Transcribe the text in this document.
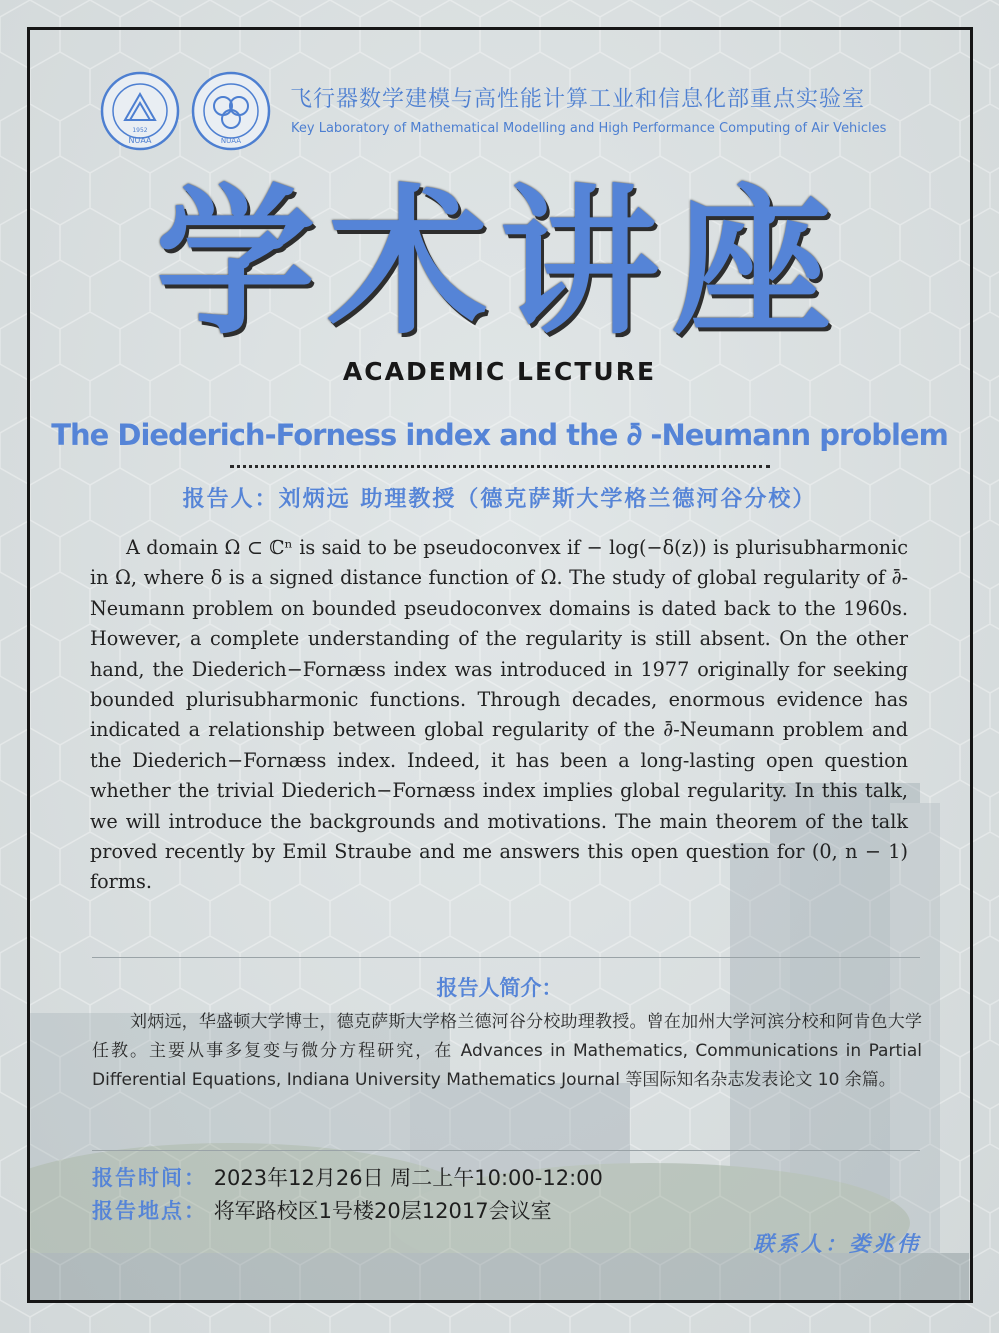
NUAA
1952
NUAA
飞行器数学建模与高性能计算工业和信息化部重点实验室
Key Laboratory of Mathematical Modelling and High Performance Computing of Air Vehicles
学术讲座
ACADEMIC LECTURE
The Diederich-Forness index and the ∂̄ -Neumann problem
报告人：刘炳远 助理教授（德克萨斯大学格兰德河谷分校）
A domain Ω ⊂ ℂⁿ is said to be pseudoconvex if − log(−δ(z)) is plurisubharmonic in Ω, where δ is a signed distance function of Ω. The study of global regularity of ∂̄-Neumann problem on bounded pseudoconvex domains is dated back to the 1960s. However, a complete understanding of the regularity is still absent. On the other hand, the Diederich−Fornæss index was introduced in 1977 originally for seeking bounded plurisubharmonic functions. Through decades, enormous evidence has indicated a relationship between global regularity of the ∂̄-Neumann problem and the Diederich−Fornæss index. Indeed, it has been a long-lasting open question whether the trivial Diederich−Fornæss index implies global regularity. In this talk, we will introduce the backgrounds and motivations. The main theorem of the talk proved recently by Emil Straube and me answers this open question for (0, n − 1) forms.
报告人简介：
刘炳远，华盛顿大学博士，德克萨斯大学格兰德河谷分校助理教授。曾在加州大学河滨分校和阿肯色大学任教。主要从事多复变与微分方程研究，在 Advances in Mathematics, Communications in Partial Differential Equations, Indiana University Mathematics Journal 等国际知名杂志发表论文 10 余篇。
报告时间： 2023年12月26日 周二上午10:00-12:00
报告地点： 将军路校区1号楼20层12017会议室
联系人：娄兆伟
